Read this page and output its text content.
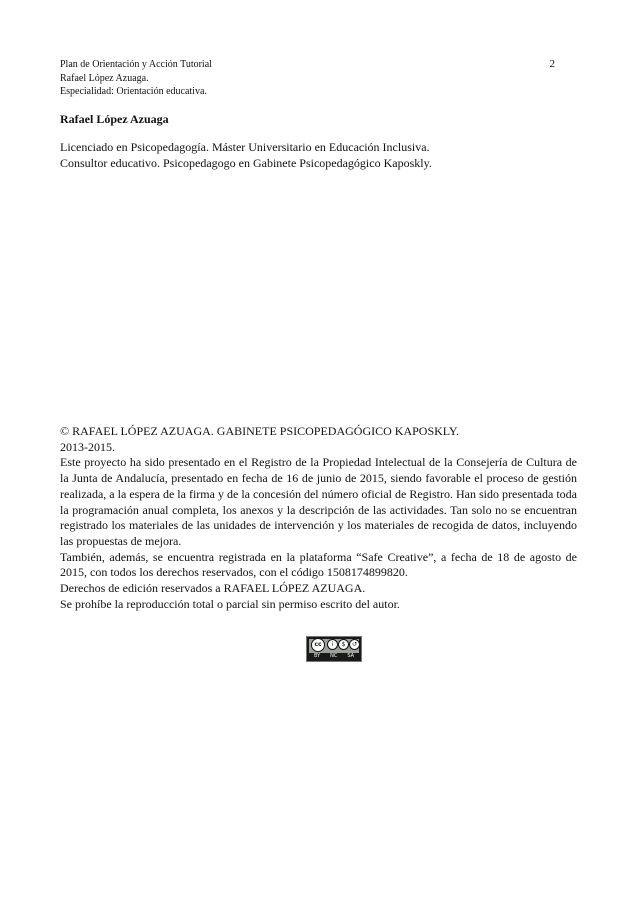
Plan de Orientación y Acción Tutorial
Rafael López Azuaga.
Especialidad: Orientación educativa.
2
Rafael López Azuaga
Licenciado en Psicopedagogía. Máster Universitario en Educación Inclusiva.
Consultor educativo. Psicopedagogo en Gabinete Psicopedagógico Kaposkly.
© RAFAEL LÓPEZ AZUAGA. GABINETE PSICOPEDAGÓGICO KAPOSKLY.
2013-2015.
Este proyecto ha sido presentado en el Registro de la Propiedad Intelectual de la Consejería de Cultura de la Junta de Andalucía, presentado en fecha de 16 de junio de 2015, siendo favorable el proceso de gestión realizada, a la espera de la firma y de la concesión del número oficial de Registro. Han sido presentada toda la programación anual completa, los anexos y la descripción de las actividades. Tan solo no se encuentran registrado los materiales de las unidades de intervención y los materiales de recogida de datos, incluyendo las propuestas de mejora.
También, además, se encuentra registrada en la plataforma “Safe Creative”, a fecha de 18 de agosto de 2015, con todos los derechos reservados, con el código 1508174899820.
Derechos de edición reservados a RAFAEL LÓPEZ AZUAGA.
Se prohíbe la reproducción total o parcial sin permiso escrito del autor.
cc	i	$	↺
BY NC SA
